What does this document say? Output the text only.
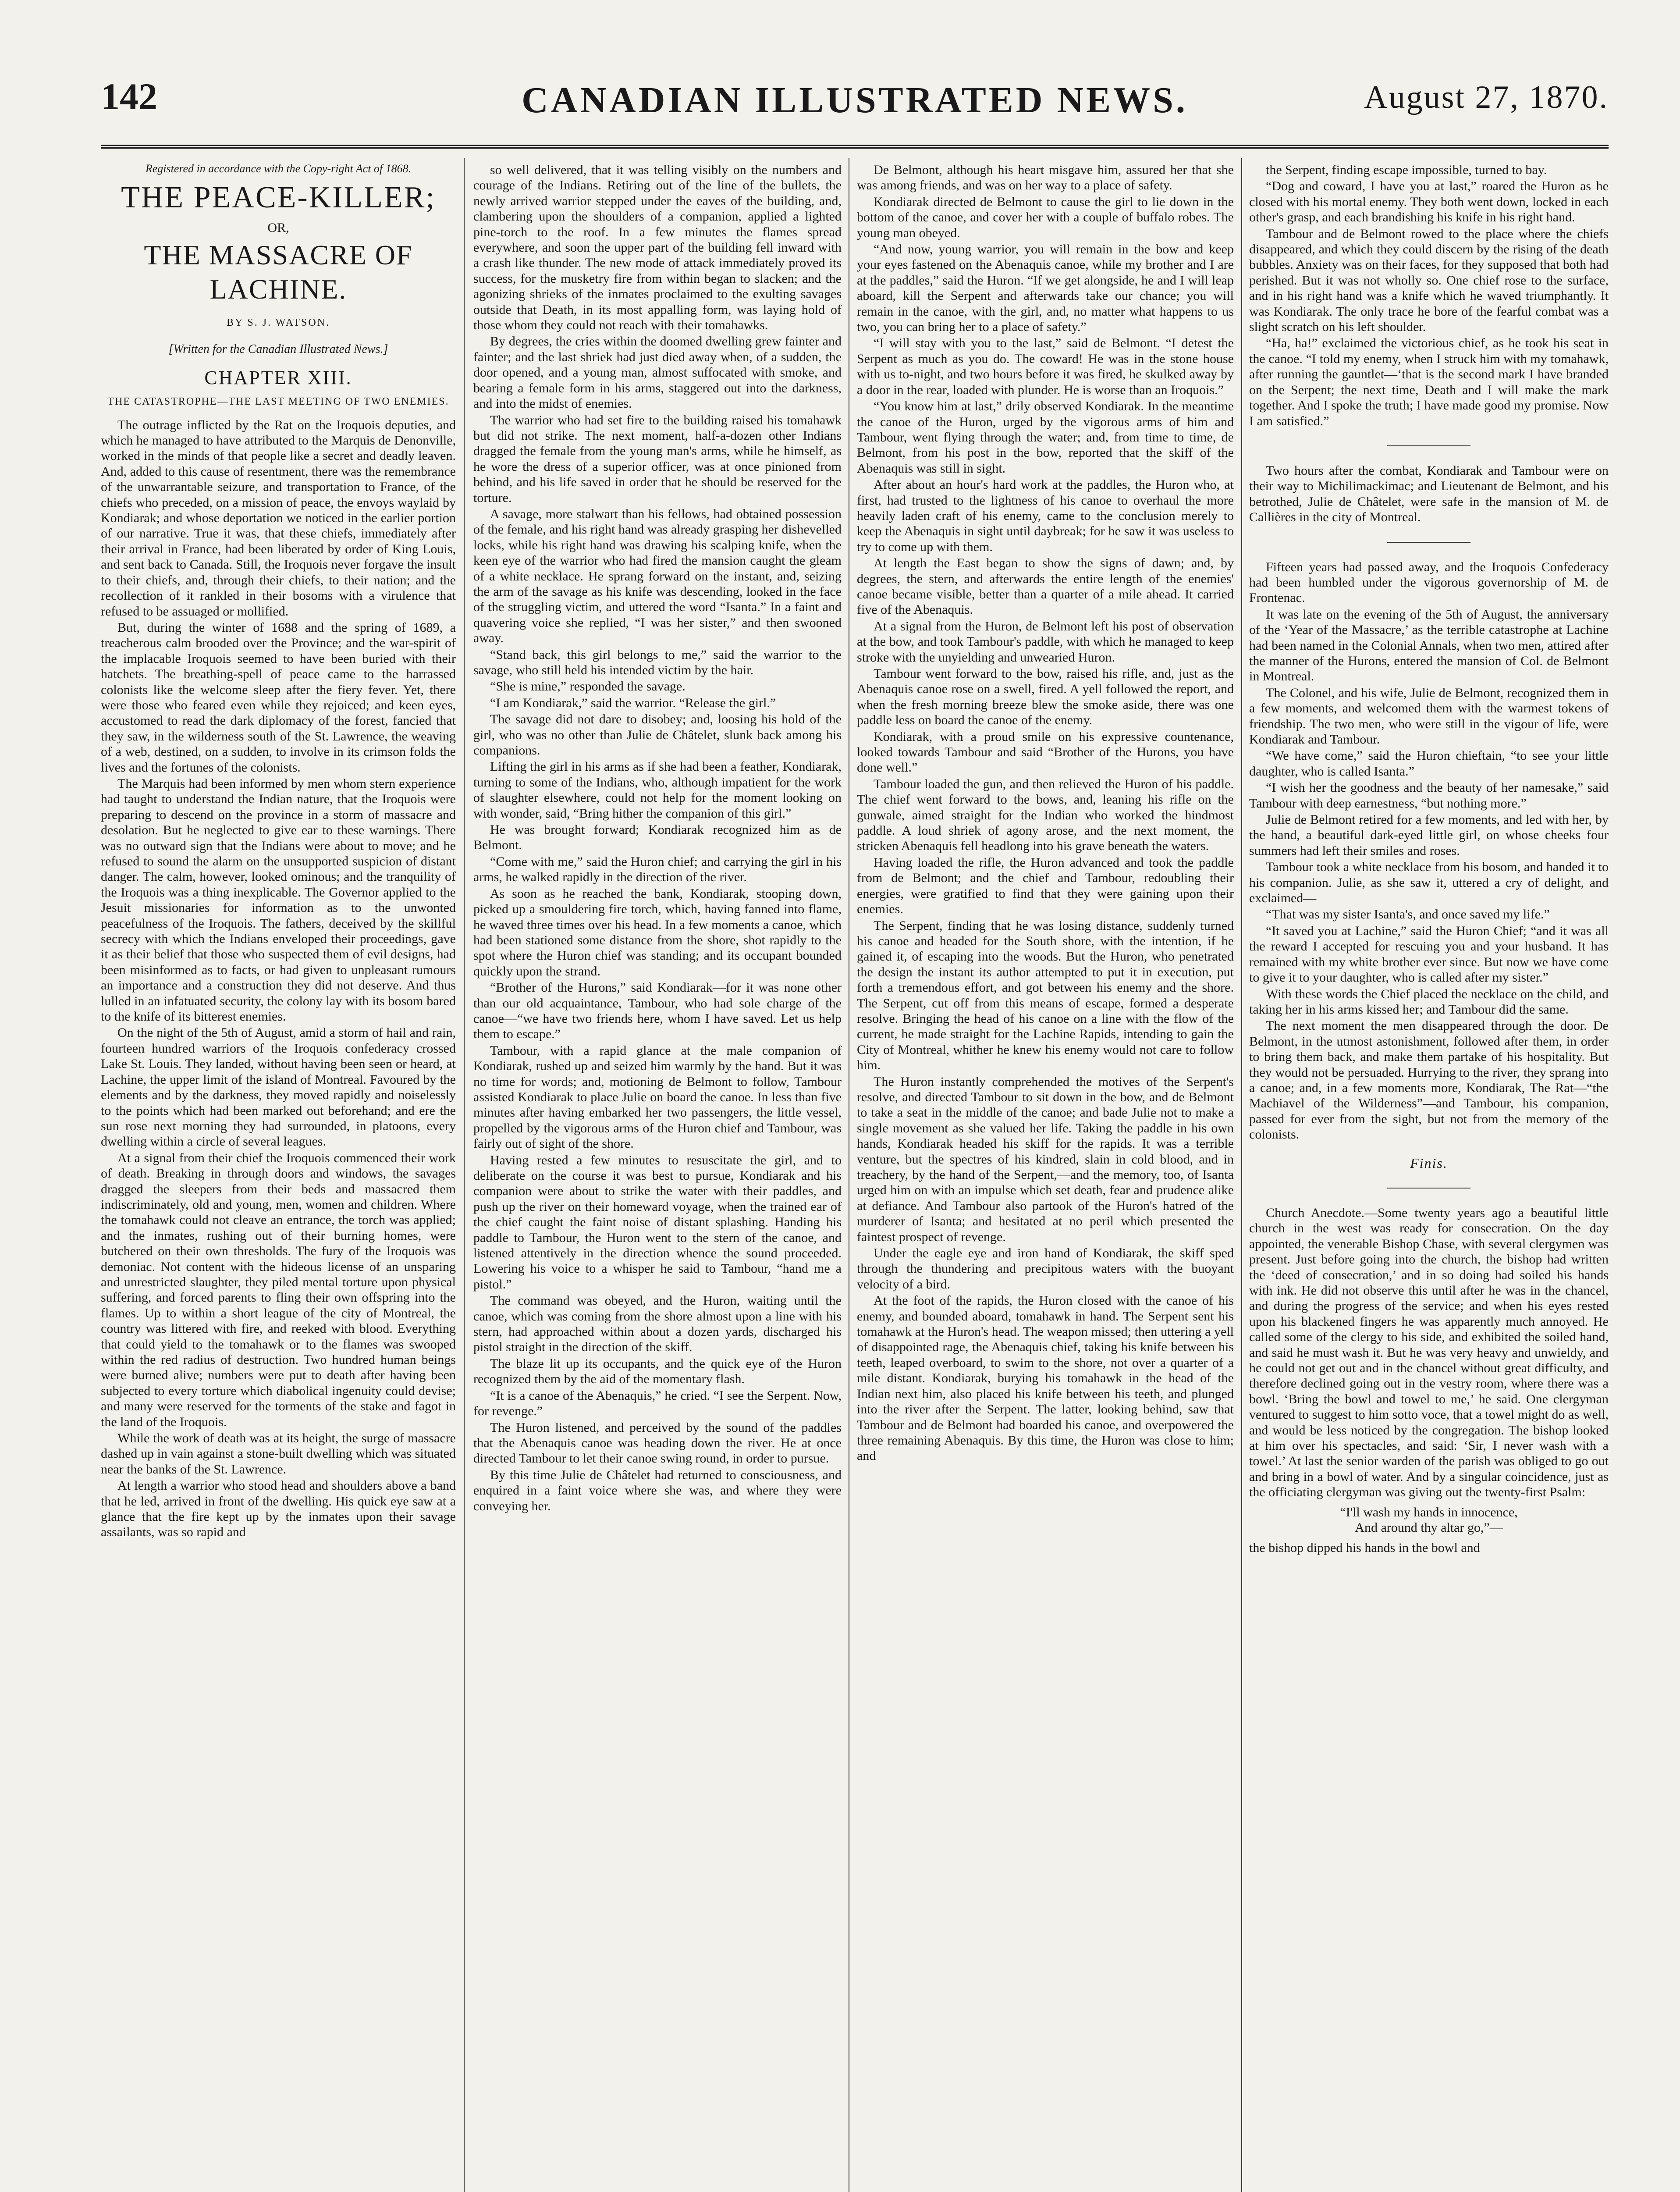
142	CANADIAN ILLUSTRATED NEWS.	August 27, 1870.

Registered in accordance with the Copy-right Act of 1868.

THE PEACE-KILLER;
OR,
THE MASSACRE OF LACHINE.
BY S. J. WATSON.
[Written for the Canadian Illustrated News.]
CHAPTER XIII.
THE CATASTROPHE—THE LAST MEETING OF TWO ENEMIES.

The outrage inflicted by the Rat on the Iroquois deputies, and which he managed to have attributed to the Marquis de Denonville, worked in the minds of that people like a secret and deadly leaven. And, added to this cause of resentment, there was the remembrance of the unwarrantable seizure, and transportation to France, of the chiefs who preceded, on a mission of peace, the envoys waylaid by Kondiarak; and whose deportation we noticed in the earlier portion of our narrative. True it was, that these chiefs, immediately after their arrival in France, had been liberated by order of King Louis, and sent back to Canada. Still, the Iroquois never forgave the insult to their chiefs, and, through their chiefs, to their nation; and the recollection of it rankled in their bosoms with a virulence that refused to be assuaged or mollified.

But, during the winter of 1688 and the spring of 1689, a treacherous calm brooded over the Province; and the war-spirit of the implacable Iroquois seemed to have been buried with their hatchets. The breathing-spell of peace came to the harrassed colonists like the welcome sleep after the fiery fever. Yet, there were those who feared even while they rejoiced; and keen eyes, accustomed to read the dark diplomacy of the forest, fancied that they saw, in the wilderness south of the St. Lawrence, the weaving of a web, destined, on a sudden, to involve in its crimson folds the lives and the fortunes of the colonists.

The Marquis had been informed by men whom stern experience had taught to understand the Indian nature, that the Iroquois were preparing to descend on the province in a storm of massacre and desolation. But he neglected to give ear to these warnings. There was no outward sign that the Indians were about to move; and he refused to sound the alarm on the unsupported suspicion of distant danger. The calm, however, looked ominous; and the tranquility of the Iroquois was a thing inexplicable. The Governor applied to the Jesuit missionaries for information as to the unwonted peacefulness of the Iroquois. The fathers, deceived by the skillful secrecy with which the Indians enveloped their proceedings, gave it as their belief that those who suspected them of evil designs, had been misinformed as to facts, or had given to unpleasant rumours an importance and a construction they did not deserve. And thus lulled in an infatuated security, the colony lay with its bosom bared to the knife of its bitterest enemies.

On the night of the 5th of August, amid a storm of hail and rain, fourteen hundred warriors of the Iroquois confederacy crossed Lake St. Louis. They landed, without having been seen or heard, at Lachine, the upper limit of the island of Montreal. Favoured by the elements and by the darkness, they moved rapidly and noiselessly to the points which had been marked out beforehand; and ere the sun rose next morning they had surrounded, in platoons, every dwelling within a circle of several leagues.

At a signal from their chief the Iroquois commenced their work of death. Breaking in through doors and windows, the savages dragged the sleepers from their beds and massacred them indiscriminately, old and young, men, women and children. Where the tomahawk could not cleave an entrance, the torch was applied; and the inmates, rushing out of their burning homes, were butchered on their own thresholds. The fury of the Iroquois was demoniac. Not content with the hideous license of an unsparing and unrestricted slaughter, they piled mental torture upon physical suffering, and forced parents to fling their own offspring into the flames. Up to within a short league of the city of Montreal, the country was littered with fire, and reeked with blood. Everything that could yield to the tomahawk or to the flames was swooped within the red radius of destruction. Two hundred human beings were burned alive; numbers were put to death after having been subjected to every torture which diabolical ingenuity could devise; and many were reserved for the torments of the stake and fagot in the land of the Iroquois.

While the work of death was at its height, the surge of massacre dashed up in vain against a stone-built dwelling which was situated near the banks of the St. Lawrence.

At length a warrior who stood head and shoulders above a band that he led, arrived in front of the dwelling. His quick eye saw at a glance that the fire kept up by the inmates upon their savage assailants, was so rapid and

so well delivered, that it was telling visibly on the numbers and courage of the Indians. Retiring out of the line of the bullets, the newly arrived warrior stepped under the eaves of the building, and, clambering upon the shoulders of a companion, applied a lighted pine-torch to the roof. In a few minutes the flames spread everywhere, and soon the upper part of the building fell inward with a crash like thunder. The new mode of attack immediately proved its success, for the musketry fire from within began to slacken; and the agonizing shrieks of the inmates proclaimed to the exulting savages outside that Death, in its most appalling form, was laying hold of those whom they could not reach with their tomahawks.

By degrees, the cries within the doomed dwelling grew fainter and fainter; and the last shriek had just died away when, of a sudden, the door opened, and a young man, almost suffocated with smoke, and bearing a female form in his arms, staggered out into the darkness, and into the midst of enemies.

The warrior who had set fire to the building raised his tomahawk but did not strike. The next moment, half-a-dozen other Indians dragged the female from the young man's arms, while he himself, as he wore the dress of a superior officer, was at once pinioned from behind, and his life saved in order that he should be reserved for the torture.

A savage, more stalwart than his fellows, had obtained possession of the female, and his right hand was already grasping her dishevelled locks, while his right hand was drawing his scalping knife, when the keen eye of the warrior who had fired the mansion caught the gleam of a white necklace. He sprang forward on the instant, and, seizing the arm of the savage as his knife was descending, looked in the face of the struggling victim, and uttered the word “Isanta.” In a faint and quavering voice she replied, “I was her sister,” and then swooned away.

“Stand back, this girl belongs to me,” said the warrior to the savage, who still held his intended victim by the hair.

“She is mine,” responded the savage.

“I am Kondiarak,” said the warrior. “Release the girl.”

The savage did not dare to disobey; and, loosing his hold of the girl, who was no other than Julie de Châtelet, slunk back among his companions.

Lifting the girl in his arms as if she had been a feather, Kondiarak, turning to some of the Indians, who, although impatient for the work of slaughter elsewhere, could not help for the moment looking on with wonder, said, “Bring hither the companion of this girl.”

He was brought forward; Kondiarak recognized him as de Belmont.

“Come with me,” said the Huron chief; and carrying the girl in his arms, he walked rapidly in the direction of the river.

As soon as he reached the bank, Kondiarak, stooping down, picked up a smouldering fire torch, which, having fanned into flame, he waved three times over his head. In a few moments a canoe, which had been stationed some distance from the shore, shot rapidly to the spot where the Huron chief was standing; and its occupant bounded quickly upon the strand.

“Brother of the Hurons,” said Kondiarak—for it was none other than our old acquaintance, Tambour, who had sole charge of the canoe—“we have two friends here, whom I have saved. Let us help them to escape.”

Tambour, with a rapid glance at the male companion of Kondiarak, rushed up and seized him warmly by the hand. But it was no time for words; and, motioning de Belmont to follow, Tambour assisted Kondiarak to place Julie on board the canoe. In less than five minutes after having embarked her two passengers, the little vessel, propelled by the vigorous arms of the Huron chief and Tambour, was fairly out of sight of the shore.

Having rested a few minutes to resuscitate the girl, and to deliberate on the course it was best to pursue, Kondiarak and his companion were about to strike the water with their paddles, and push up the river on their homeward voyage, when the trained ear of the chief caught the faint noise of distant splashing. Handing his paddle to Tambour, the Huron went to the stern of the canoe, and listened attentively in the direction whence the sound proceeded. Lowering his voice to a whisper he said to Tambour, “hand me a pistol.”

The command was obeyed, and the Huron, waiting until the canoe, which was coming from the shore almost upon a line with his stern, had approached within about a dozen yards, discharged his pistol straight in the direction of the skiff.

The blaze lit up its occupants, and the quick eye of the Huron recognized them by the aid of the momentary flash.

“It is a canoe of the Abenaquis,” he cried. “I see the Serpent. Now, for revenge.”

The Huron listened, and perceived by the sound of the paddles that the Abenaquis canoe was heading down the river. He at once directed Tambour to let their canoe swing round, in order to pursue.

By this time Julie de Châtelet had returned to consciousness, and enquired in a faint voice where she was, and where they were conveying her.

De Belmont, although his heart misgave him, assured her that she was among friends, and was on her way to a place of safety.

Kondiarak directed de Belmont to cause the girl to lie down in the bottom of the canoe, and cover her with a couple of buffalo robes. The young man obeyed.

“And now, young warrior, you will remain in the bow and keep your eyes fastened on the Abenaquis canoe, while my brother and I are at the paddles,” said the Huron. “If we get alongside, he and I will leap aboard, kill the Serpent and afterwards take our chance; you will remain in the canoe, with the girl, and, no matter what happens to us two, you can bring her to a place of safety.”

“I will stay with you to the last,” said de Belmont. “I detest the Serpent as much as you do. The coward! He was in the stone house with us to-night, and two hours before it was fired, he skulked away by a door in the rear, loaded with plunder. He is worse than an Iroquois.”

“You know him at last,” drily observed Kondiarak. In the meantime the canoe of the Huron, urged by the vigorous arms of him and Tambour, went flying through the water; and, from time to time, de Belmont, from his post in the bow, reported that the skiff of the Abenaquis was still in sight.

After about an hour's hard work at the paddles, the Huron who, at first, had trusted to the lightness of his canoe to overhaul the more heavily laden craft of his enemy, came to the conclusion merely to keep the Abenaquis in sight until daybreak; for he saw it was useless to try to come up with them.

At length the East began to show the signs of dawn; and, by degrees, the stern, and afterwards the entire length of the enemies' canoe became visible, better than a quarter of a mile ahead. It carried five of the Abenaquis.

At a signal from the Huron, de Belmont left his post of observation at the bow, and took Tambour's paddle, with which he managed to keep stroke with the unyielding and unwearied Huron.

Tambour went forward to the bow, raised his rifle, and, just as the Abenaquis canoe rose on a swell, fired. A yell followed the report, and when the fresh morning breeze blew the smoke aside, there was one paddle less on board the canoe of the enemy.

Kondiarak, with a proud smile on his expressive countenance, looked towards Tambour and said “Brother of the Hurons, you have done well.”

Tambour loaded the gun, and then relieved the Huron of his paddle. The chief went forward to the bows, and, leaning his rifle on the gunwale, aimed straight for the Indian who worked the hindmost paddle. A loud shriek of agony arose, and the next moment, the stricken Abenaquis fell headlong into his grave beneath the waters.

Having loaded the rifle, the Huron advanced and took the paddle from de Belmont; and the chief and Tambour, redoubling their energies, were gratified to find that they were gaining upon their enemies.

The Serpent, finding that he was losing distance, suddenly turned his canoe and headed for the South shore, with the intention, if he gained it, of escaping into the woods. But the Huron, who penetrated the design the instant its author attempted to put it in execution, put forth a tremendous effort, and got between his enemy and the shore. The Serpent, cut off from this means of escape, formed a desperate resolve. Bringing the head of his canoe on a line with the flow of the current, he made straight for the Lachine Rapids, intending to gain the City of Montreal, whither he knew his enemy would not care to follow him.

The Huron instantly comprehended the motives of the Serpent's resolve, and directed Tambour to sit down in the bow, and de Belmont to take a seat in the middle of the canoe; and bade Julie not to make a single movement as she valued her life. Taking the paddle in his own hands, Kondiarak headed his skiff for the rapids. It was a terrible venture, but the spectres of his kindred, slain in cold blood, and in treachery, by the hand of the Serpent,—and the memory, too, of Isanta urged him on with an impulse which set death, fear and prudence alike at defiance. And Tambour also partook of the Huron's hatred of the murderer of Isanta; and hesitated at no peril which presented the faintest prospect of revenge.

Under the eagle eye and iron hand of Kondiarak, the skiff sped through the thundering and precipitous waters with the buoyant velocity of a bird.

At the foot of the rapids, the Huron closed with the canoe of his enemy, and bounded aboard, tomahawk in hand. The Serpent sent his tomahawk at the Huron's head. The weapon missed; then uttering a yell of disappointed rage, the Abenaquis chief, taking his knife between his teeth, leaped overboard, to swim to the shore, not over a quarter of a mile distant. Kondiarak, burying his tomahawk in the head of the Indian next him, also placed his knife between his teeth, and plunged into the river after the Serpent. The latter, looking behind, saw that Tambour and de Belmont had boarded his canoe, and overpowered the three remaining Abenaquis. By this time, the Huron was close to him; and

the Serpent, finding escape impossible, turned to bay.

“Dog and coward, I have you at last,” roared the Huron as he closed with his mortal enemy. They both went down, locked in each other's grasp, and each brandishing his knife in his right hand.

Tambour and de Belmont rowed to the place where the chiefs disappeared, and which they could discern by the rising of the death bubbles. Anxiety was on their faces, for they supposed that both had perished. But it was not wholly so. One chief rose to the surface, and in his right hand was a knife which he waved triumphantly. It was Kondiarak. The only trace he bore of the fearful combat was a slight scratch on his left shoulder.

“Ha, ha!” exclaimed the victorious chief, as he took his seat in the canoe. “I told my enemy, when I struck him with my tomahawk, after running the gauntlet—‘that is the second mark I have branded on the Serpent; the next time, Death and I will make the mark together. And I spoke the truth; I have made good my promise. Now I am satisfied.”

Two hours after the combat, Kondiarak and Tambour were on their way to Michilimackimac; and Lieutenant de Belmont, and his betrothed, Julie de Châtelet, were safe in the mansion of M. de Callières in the city of Montreal.

Fifteen years had passed away, and the Iroquois Confederacy had been humbled under the vigorous governorship of M. de Frontenac.

It was late on the evening of the 5th of August, the anniversary of the ‘Year of the Massacre,’ as the terrible catastrophe at Lachine had been named in the Colonial Annals, when two men, attired after the manner of the Hurons, entered the mansion of Col. de Belmont in Montreal.

The Colonel, and his wife, Julie de Belmont, recognized them in a few moments, and welcomed them with the warmest tokens of friendship. The two men, who were still in the vigour of life, were Kondiarak and Tambour.

“We have come,” said the Huron chieftain, “to see your little daughter, who is called Isanta.”

“I wish her the goodness and the beauty of her namesake,” said Tambour with deep earnestness, “but nothing more.”

Julie de Belmont retired for a few moments, and led with her, by the hand, a beautiful dark-eyed little girl, on whose cheeks four summers had left their smiles and roses.

Tambour took a white necklace from his bosom, and handed it to his companion. Julie, as she saw it, uttered a cry of delight, and exclaimed—

“That was my sister Isanta's, and once saved my life.”

“It saved you at Lachine,” said the Huron Chief; “and it was all the reward I accepted for rescuing you and your husband. It has remained with my white brother ever since. But now we have come to give it to your daughter, who is called after my sister.”

With these words the Chief placed the necklace on the child, and taking her in his arms kissed her; and Tambour did the same.

The next moment the men disappeared through the door. De Belmont, in the utmost astonishment, followed after them, in order to bring them back, and make them partake of his hospitality. But they would not be persuaded. Hurrying to the river, they sprang into a canoe; and, in a few moments more, Kondiarak, The Rat—“the Machiavel of the Wilderness”—and Tambour, his companion, passed for ever from the sight, but not from the memory of the colonists.

Finis.

Church Anecdote.—Some twenty years ago a beautiful little church in the west was ready for consecration. On the day appointed, the venerable Bishop Chase, with several clergymen was present. Just before going into the church, the bishop had written the ‘deed of consecration,’ and in so doing had soiled his hands with ink. He did not observe this until after he was in the chancel, and during the progress of the service; and when his eyes rested upon his blackened fingers he was apparently much annoyed. He called some of the clergy to his side, and exhibited the soiled hand, and said he must wash it. But he was very heavy and unwieldy, and he could not get out and in the chancel without great difficulty, and therefore declined going out in the vestry room, where there was a bowl. ‘Bring the bowl and towel to me,’ he said. One clergyman ventured to suggest to him sotto voce, that a towel might do as well, and would be less noticed by the congregation. The bishop looked at him over his spectacles, and said: ‘Sir, I never wash with a towel.’ At last the senior warden of the parish was obliged to go out and bring in a bowl of water. And by a singular coincidence, just as the officiating clergyman was giving out the twenty-first Psalm:

“I'll wash my hands in innocence,
And around thy altar go,”—

the bishop dipped his hands in the bowl and
